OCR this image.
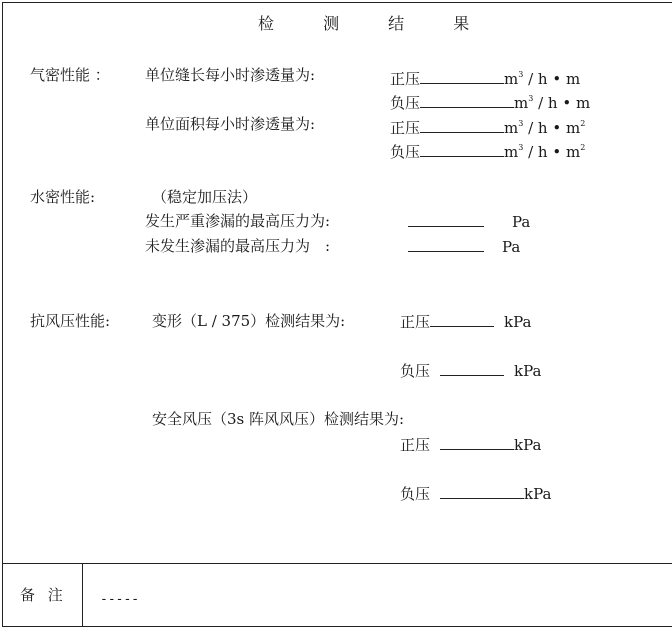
检 测 结 果
气密性能 ： 单位缝长每小时渗透量为:	正压	$m^3$ / h • m
负压	$m^3$ / h • m
单位面积每小时渗透量为:	正压	$m^3$ / h • $m^2$
负压	$m^3$ / h • $m^2$
水密性能:	（稳定加压法）
发生严重渗漏的最高压力为:	Pa
未发生渗漏的最高压力为　:	Pa
抗风压性能:	变形（L / 375）检测结果为:	正压	kPa
负压	kPa
安全风压（3s 阵风风压）检测结果为:
正压	kPa
负压	kPa
备 注	-----
